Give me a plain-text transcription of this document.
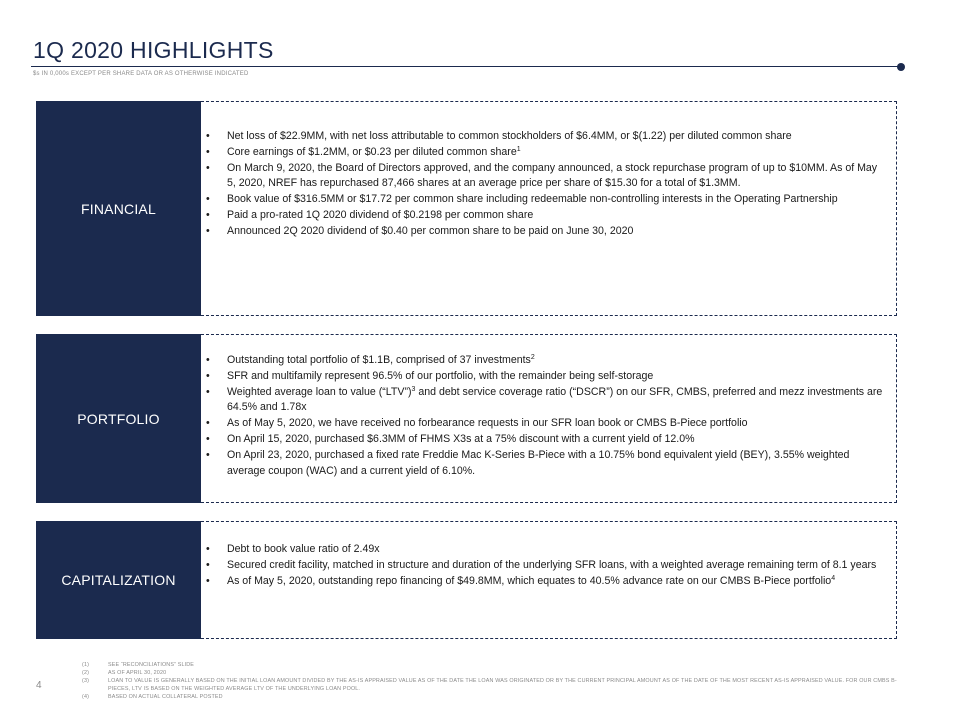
1Q 2020 HIGHLIGHTS
$s IN 0,000s EXCEPT PER SHARE DATA OR AS OTHERWISE INDICATED
FINANCIAL
• Net loss of $22.9MM, with net loss attributable to common stockholders of $6.4MM, or $(1.22) per diluted common share
• Core earnings of $1.2MM, or $0.23 per diluted common share$^1$
• On March 9, 2020, the Board of Directors approved, and the company announced, a stock repurchase program of up to $10MM. As of May 5, 2020, NREF has repurchased 87,466 shares at an average price per share of $15.30 for a total of $1.3MM.
• Book value of $316.5MM or $17.72 per common share including redeemable non-controlling interests in the Operating Partnership
• Paid a pro-rated 1Q 2020 dividend of $0.2198 per common share
• Announced 2Q 2020 dividend of $0.40 per common share to be paid on June 30, 2020
PORTFOLIO
• Outstanding total portfolio of $1.1B, comprised of 37 investments$^2$
• SFR and multifamily represent 96.5% of our portfolio, with the remainder being self-storage
• Weighted average loan to value (“LTV”)$^3$ and debt service coverage ratio (“DSCR”) on our SFR, CMBS, preferred and mezz investments are 64.5% and 1.78x
• As of May 5, 2020, we have received no forbearance requests in our SFR loan book or CMBS B-Piece portfolio
• On April 15, 2020, purchased $6.3MM of FHMS X3s at a 75% discount with a current yield of 12.0%
• On April 23, 2020, purchased a fixed rate Freddie Mac K-Series B-Piece with a 10.75% bond equivalent yield (BEY), 3.55% weighted average coupon (WAC) and a current yield of 6.10%.
CAPITALIZATION
• Debt to book value ratio of 2.49x
• Secured credit facility, matched in structure and duration of the underlying SFR loans, with a weighted average remaining term of 8.1 years
• As of May 5, 2020, outstanding repo financing of $49.8MM, which equates to 40.5% advance rate on our CMBS B-Piece portfolio$^4$
4
(1)	SEE “RECONCILIATIONS” SLIDE
(2)	AS OF APRIL 30, 2020
(3)	LOAN TO VALUE IS GENERALLY BASED ON THE INITIAL LOAN AMOUNT DIVIDED BY THE AS-IS APPRAISED VALUE AS OF THE DATE THE LOAN WAS ORIGINATED OR BY THE CURRENT PRINCIPAL AMOUNT AS OF THE DATE OF THE MOST RECENT AS-IS APPRAISED VALUE. FOR OUR CMBS B-PIECES, LTV IS BASED ON THE WEIGHTED AVERAGE LTV OF THE UNDERLYING LOAN POOL.
(4)	BASED ON ACTUAL COLLATERAL POSTED
